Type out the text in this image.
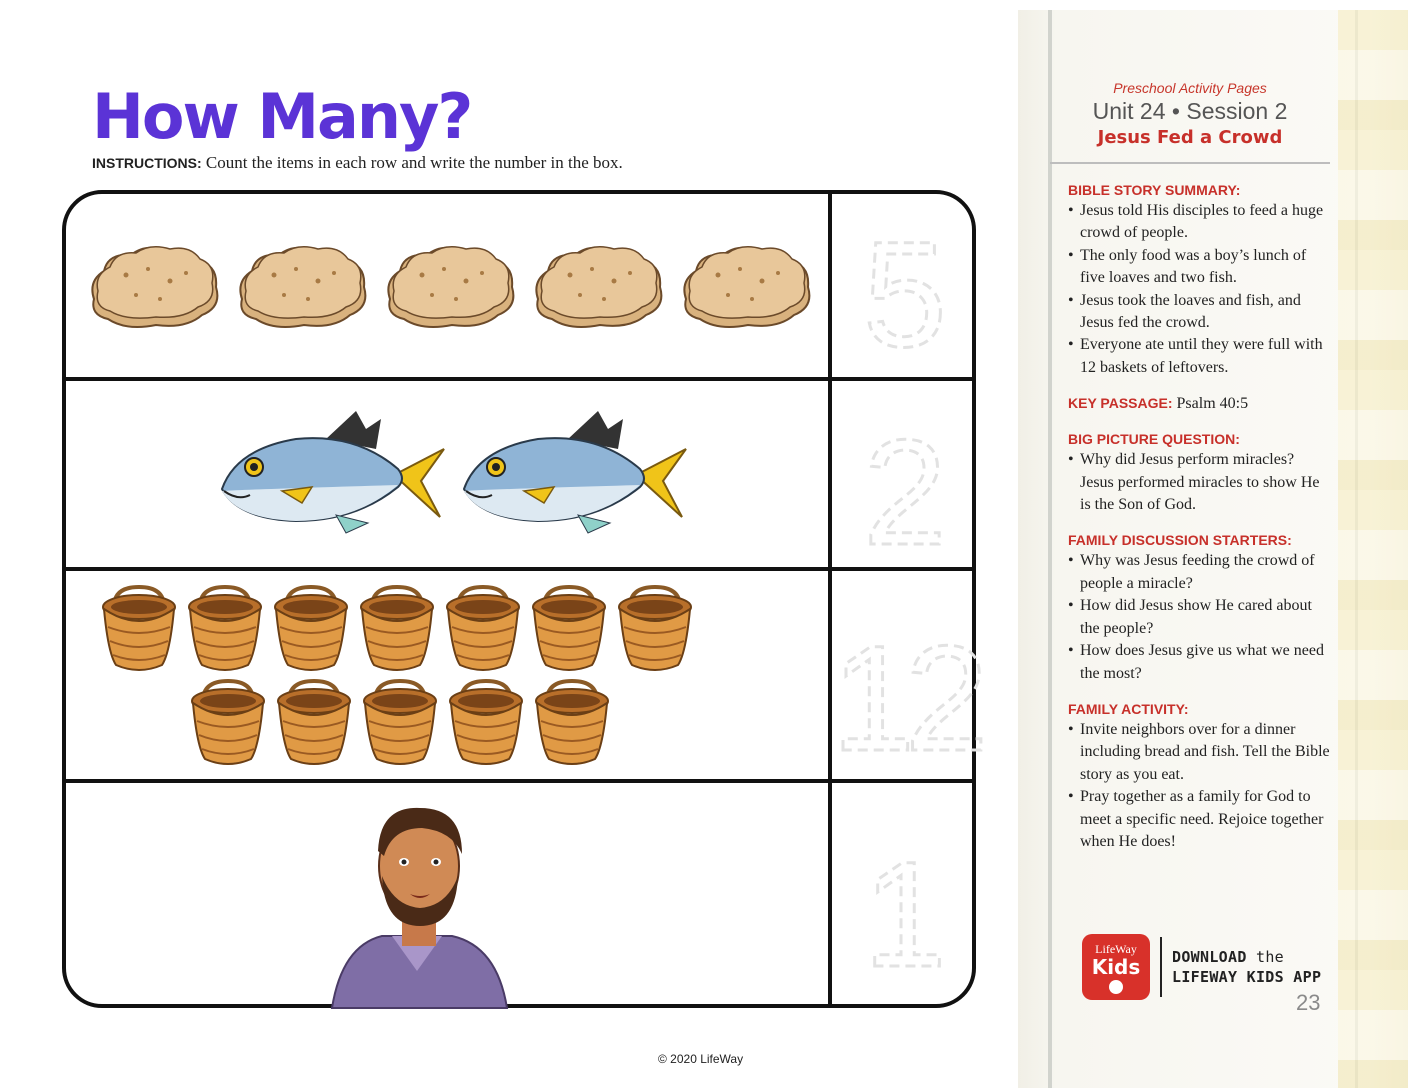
How Many?

INSTRUCTIONS: Count the items in each row and write the number in the box.

5
2
12
1
Preschool Activity Pages
Unit 24 • Session 2
Jesus Fed a Crowd
BIBLE STORY SUMMARY:
• Jesus told His disciples to feed a huge crowd of people.
• The only food was a boy’s lunch of five loaves and two fish.
• Jesus took the loaves and fish, and Jesus fed the crowd.
• Everyone ate until they were full with 12 baskets of leftovers.
KEY PASSAGE: Psalm 40:5
BIG PICTURE QUESTION:
• Why did Jesus perform miracles? Jesus performed miracles to show He is the Son of God.
FAMILY DISCUSSION STARTERS:
• Why was Jesus feeding the crowd of people a miracle?
• How did Jesus show He cared about the people?
• How does Jesus give us what we need the most?
FAMILY ACTIVITY:
• Invite neighbors over for a dinner including bread and fish. Tell the Bible story as you eat.
• Pray together as a family for God to meet a specific need. Rejoice together when He does!
LifeWay
Kids	DOWNLOAD the
LIFEWAY KIDS APP
23
© 2020 LifeWay
